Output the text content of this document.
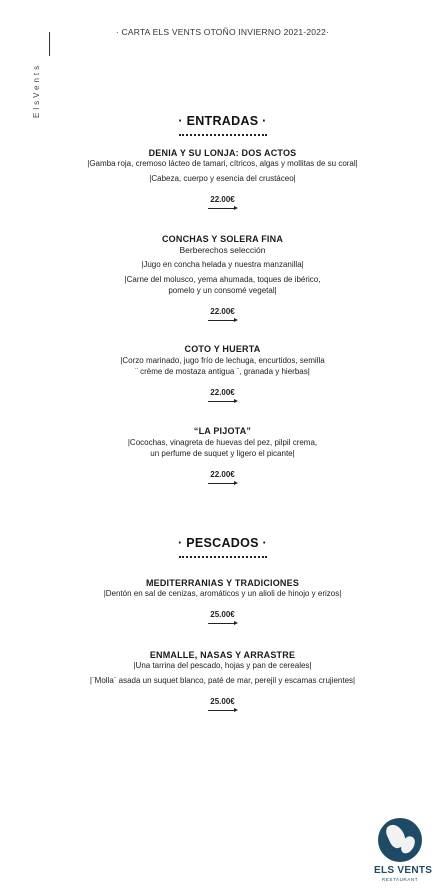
ElsVents
· CARTA ELS VENTS OTOÑO INVIERNO 2021-2022·
· ENTRADAS ·
DENIA Y SU LONJA: DOS ACTOS
|Gamba roja, cremoso lácteo de tamari, cítricos, algas y mollitas de su coral|
|Cabeza, cuerpo y esencia del crustáceo|
22.00€
CONCHAS Y SOLERA FINA
Berberechos selección
|Jugo en concha helada y nuestra manzanilla|
|Carne del molusco, yema ahumada, toques de ibérico,
pomelo y un consomé vegetal|
22.00€
COTO Y HUERTA
|Corzo marinado, jugo frío de lechuga, encurtidos, semilla
¨ crème de mostaza antigua ¨, granada y hierbas|
22.00€
“LA PIJOTA”
|Cocochas, vinagreta de huevas del pez, pilpil crema,
un perfume de suquet y ligero el picante|
22.00€
· PESCADOS ·
MEDITERRANIAS Y TRADICIONES
|Dentón en sal de cenizas, aromáticos y un alioli de hinojo y erizos|
25.00€
ENMALLE, NASAS Y ARRASTRE
|Una tarrina del pescado, hojas y pan de cereales|
|¨Molla¨ asada un suquet blanco, paté de mar, perejil y escamas crujientes|
25.00€
ELS VENTS
RESTAURANT
